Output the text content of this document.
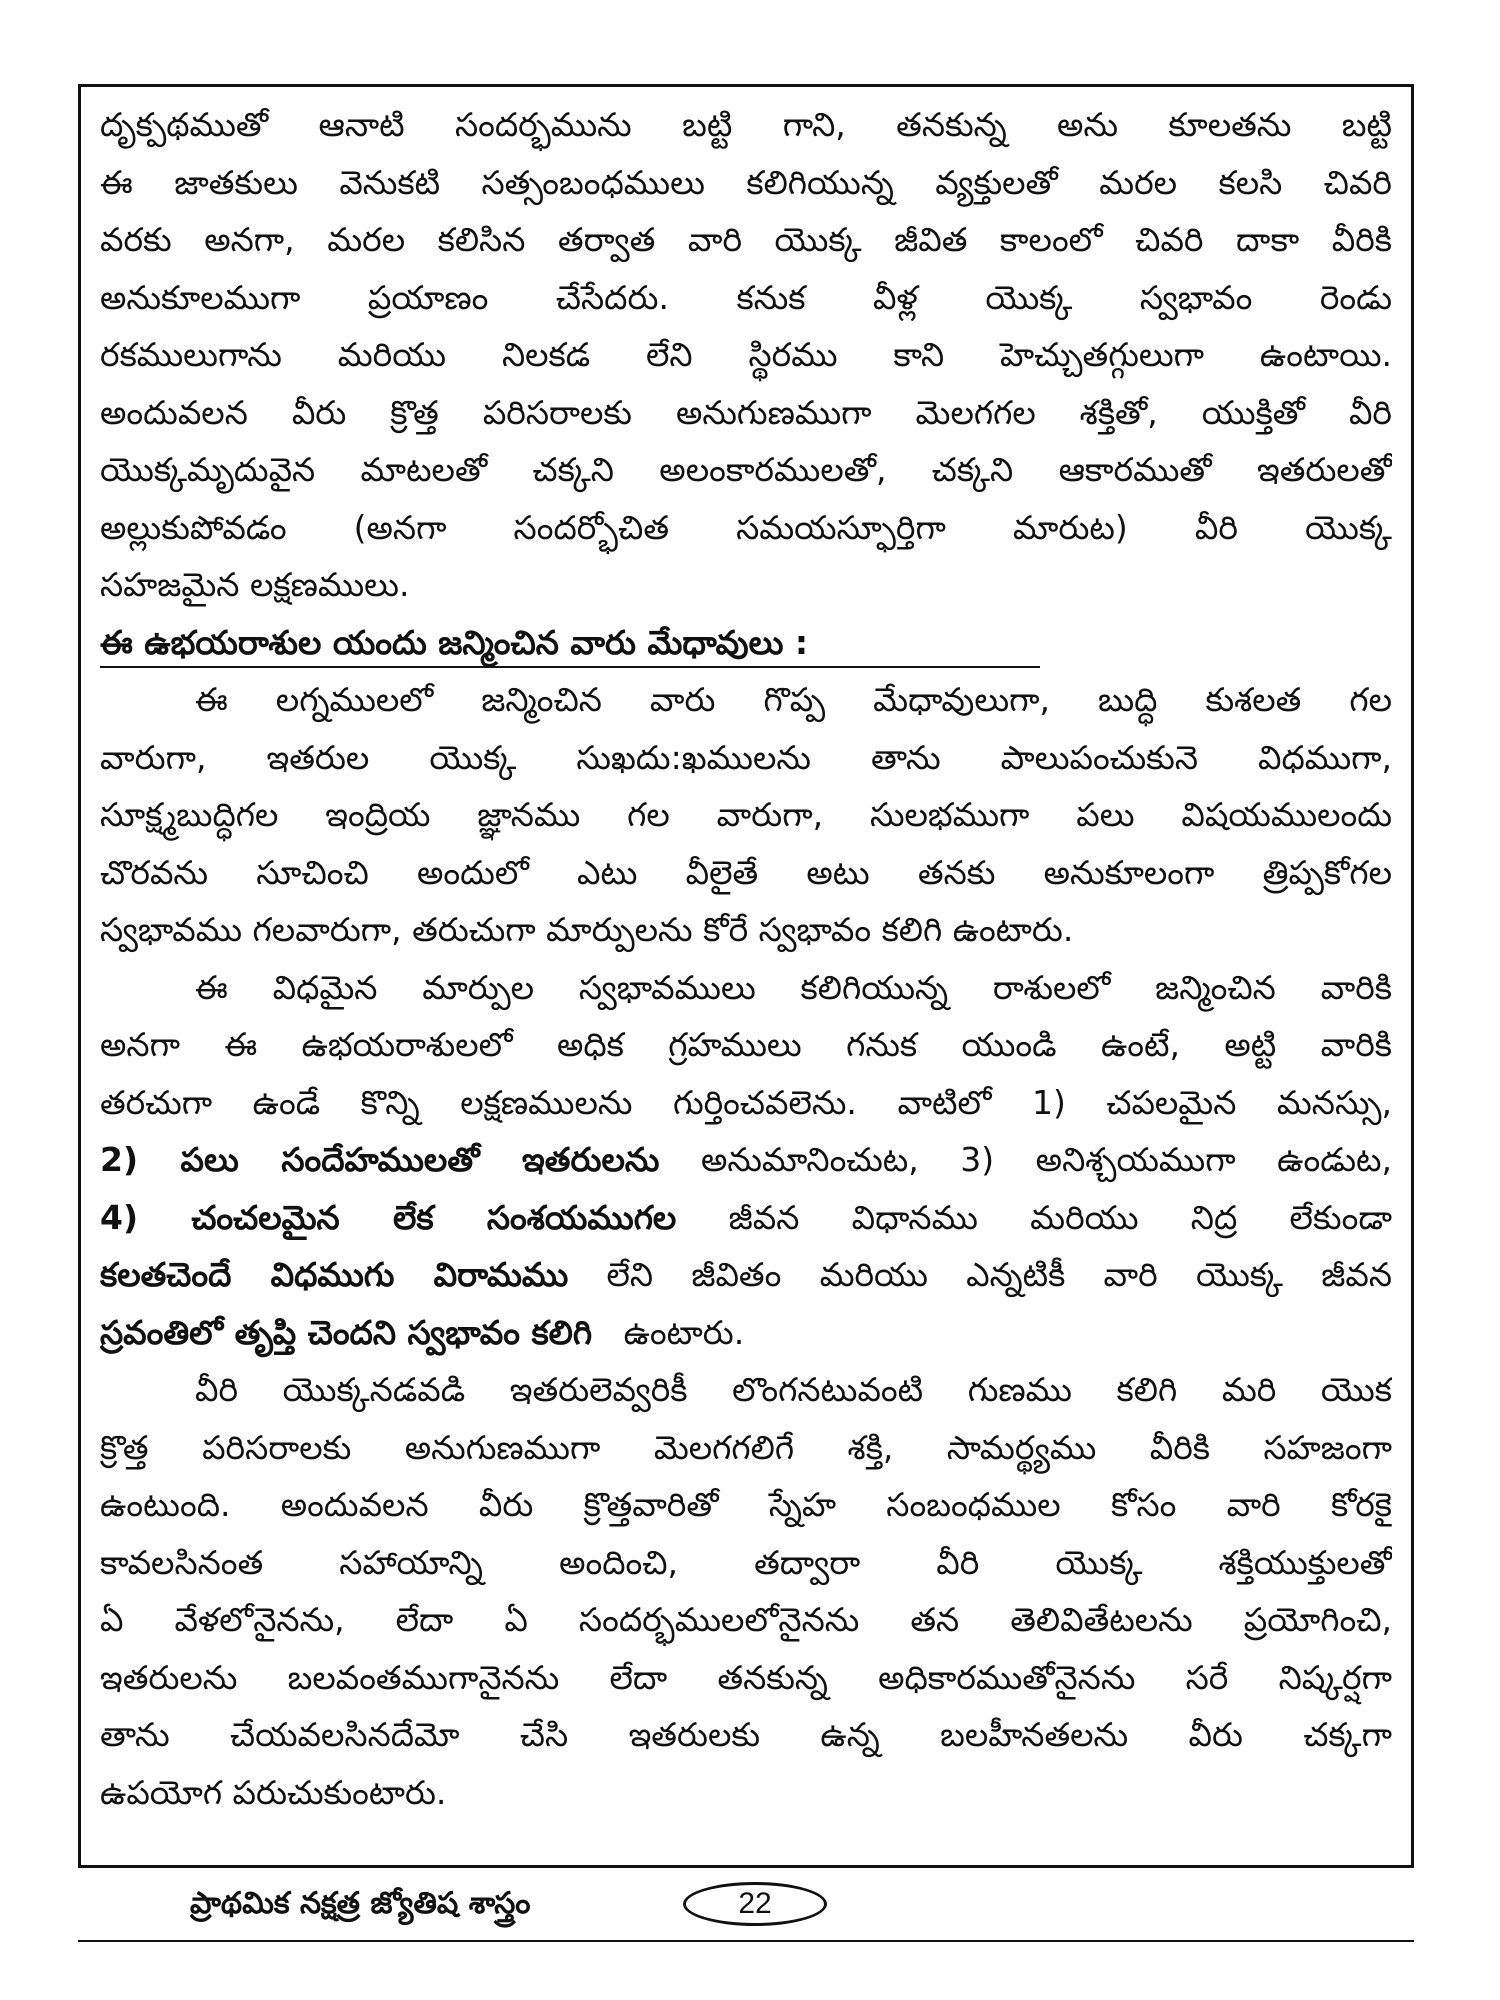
దృక్పథముతో ఆనాటి సందర్భమును బట్టి గాని, తనకున్న అను కూలతను బట్టి
ఈ జాతకులు వెనుకటి సత్సంబంధములు కలిగియున్న వ్యక్తులతో మరల కలసి చివరి
వరకు అనగా, మరల కలిసిన తర్వాత వారి యొక్క జీవిత కాలంలో చివరి దాకా వీరికి
అనుకూలముగా ప్రయాణం చేసేదరు. కనుక వీళ్ల యొక్క స్వభావం రెండు
రకములుగాను మరియు నిలకడ లేని స్థిరము కాని హెచ్చుతగ్గులుగా ఉంటాయి.
అందువలన వీరు క్రొత్త పరిసరాలకు అనుగుణముగా మెలగగల శక్తితో, యుక్తితో వీరి
యొక్కమృదువైన మాటలతో చక్కని అలంకారములతో, చక్కని ఆకారముతో ఇతరులతో
అల్లుకుపోవడం (అనగా సందర్భోచిత సమయస్ఫూర్తిగా మారుట) వీరి యొక్క
సహజమైన లక్షణములు.
ఈ ఉభయరాశుల యందు జన్మించిన వారు మేధావులు :
ఈ లగ్నములలో జన్మించిన వారు గొప్ప మేధావులుగా, బుద్ధి కుశలత గల
వారుగా, ఇతరుల యొక్క సుఖదు:ఖములను తాను పాలుపంచుకునె విధముగా,
సూక్ష్మబుద్ధిగల ఇంద్రియ జ్ఞానము గల వారుగా, సులభముగా పలు విషయములందు
చొరవను సూచించి అందులో ఎటు వీలైతే అటు తనకు అనుకూలంగా త్రిప్పకోగల
స్వభావము గలవారుగా, తరుచుగా మార్పులను కోరే స్వభావం కలిగి ఉంటారు.
ఈ విధమైన మార్పుల స్వభావములు కలిగియున్న రాశులలో జన్మించిన వారికి
అనగా ఈ ఉభయరాశులలో అధిక గ్రహములు గనుక యుండి ఉంటే, అట్టి వారికి
తరచుగా ఉండే కొన్ని లక్షణములను గుర్తించవలెను. వాటిలో 1) చపలమైన మనస్సు,
2) పలు సందేహములతో ఇతరులను అనుమానించుట, 3) అనిశ్చయముగా ఉండుట,
4) చంచలమైన లేక సంశయముగల జీవన విధానము మరియు నిద్ర లేకుండా
కలతచెందే విధముగు విరామము లేని జీవితం మరియు ఎన్నటికీ వారి యొక్క జీవన
స్రవంతిలో తృప్తి చెందని స్వభావం కలిగి   ఉంటారు.
వీరి యొక్కనడవడి ఇతరులెవ్వరికీ లొంగనటువంటి గుణము కలిగి మరి యొక
క్రొత్త పరిసరాలకు అనుగుణముగా మెలగగలిగే శక్తి, సామర్థ్యము వీరికి సహజంగా
ఉంటుంది. అందువలన వీరు క్రొత్తవారితో స్నేహ సంబంధముల కోసం వారి కోరకై
కావలసినంత సహాయాన్ని అందించి, తద్వారా వీరి యొక్క శక్తియుక్తులతో
ఏ వేళలోనైనను, లేదా ఏ సందర్భములలోనైనను తన తెలివితేటలను ప్రయోగించి,
ఇతరులను బలవంతముగానైనను లేదా తనకున్న అధికారముతోనైనను సరే నిష్కర్షగా
తాను చేయవలసినదేమో చేసి ఇతరులకు ఉన్న బలహీనతలను వీరు చక్కగా
ఉపయోగ పరుచుకుంటారు.
ప్రాథమిక నక్షత్ర జ్యోతిష శాస్త్రం	22
